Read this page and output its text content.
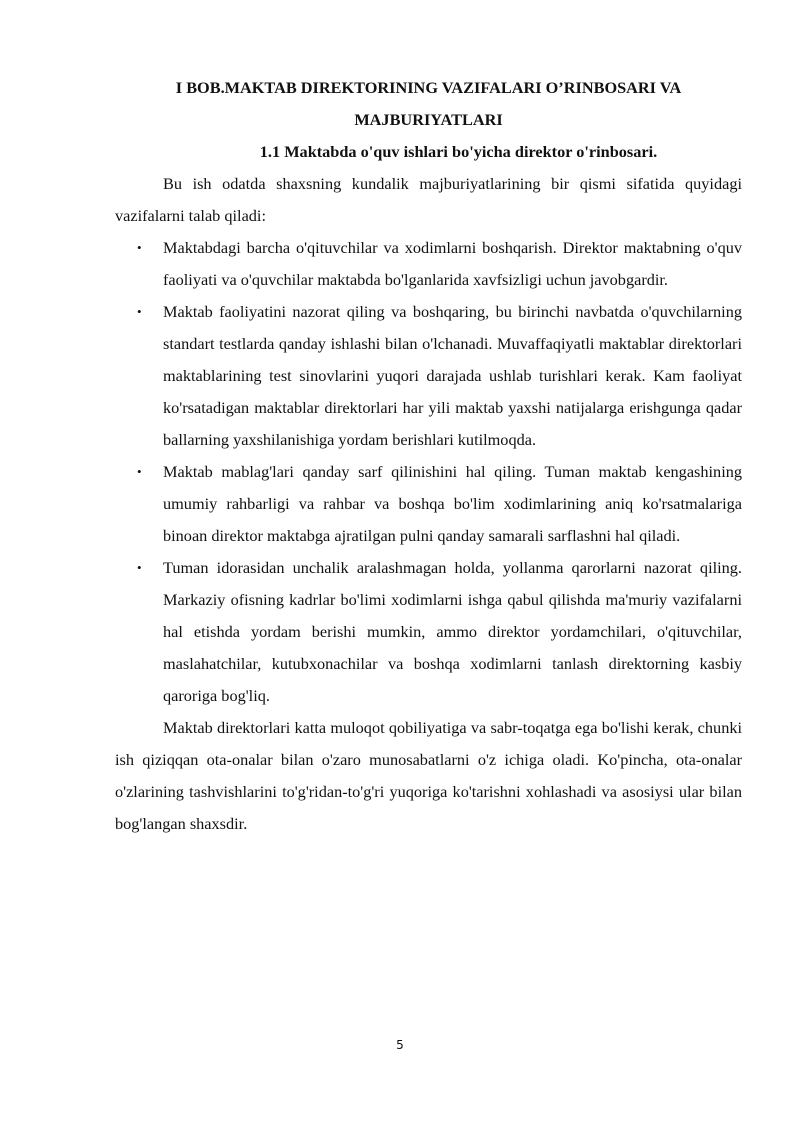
I BOB.MAKTAB DIREKTORINING VAZIFALARI O’RINBOSARI VA MAJBURIYATLARI
1.1 Maktabda o'quv ishlari bo'yicha direktor o'rinbosari.

Bu ish odatda shaxsning kundalik majburiyatlarining bir qismi sifatida quyidagi vazifalarni talab qiladi:

• Maktabdagi barcha o'qituvchilar va xodimlarni boshqarish. Direktor maktabning o'quv faoliyati va o'quvchilar maktabda bo'lganlarida xavfsizligi uchun javobgardir.
• Maktab faoliyatini nazorat qiling va boshqaring, bu birinchi navbatda o'quvchilarning standart testlarda qanday ishlashi bilan o'lchanadi. Muvaffaqiyatli maktablar direktorlari maktablarining test sinovlarini yuqori darajada ushlab turishlari kerak. Kam faoliyat ko'rsatadigan maktablar direktorlari har yili maktab yaxshi natijalarga erishgunga qadar ballarning yaxshilanishiga yordam berishlari kutilmoqda.
• Maktab mablag'lari qanday sarf qilinishini hal qiling. Tuman maktab kengashining umumiy rahbarligi va rahbar va boshqa bo'lim xodimlarining aniq ko'rsatmalariga binoan direktor maktabga ajratilgan pulni qanday samarali sarflashni hal qiladi.
• Tuman idorasidan unchalik aralashmagan holda, yollanma qarorlarni nazorat qiling. Markaziy ofisning kadrlar bo'limi xodimlarni ishga qabul qilishda ma'muriy vazifalarni hal etishda yordam berishi mumkin, ammo direktor yordamchilari, o'qituvchilar, maslahatchilar, kutubxonachilar va boshqa xodimlarni tanlash direktorning kasbiy qaroriga bog'liq.

Maktab direktorlari katta muloqot qobiliyatiga va sabr-toqatga ega bo'lishi kerak, chunki ish qiziqqan ota-onalar bilan o'zaro munosabatlarni o'z ichiga oladi. Ko'pincha, ota-onalar o'zlarining tashvishlarini to'g'ridan-to'g'ri yuqoriga ko'tarishni xohlashadi va asosiysi ular bilan bog'langan shaxsdir.

5
